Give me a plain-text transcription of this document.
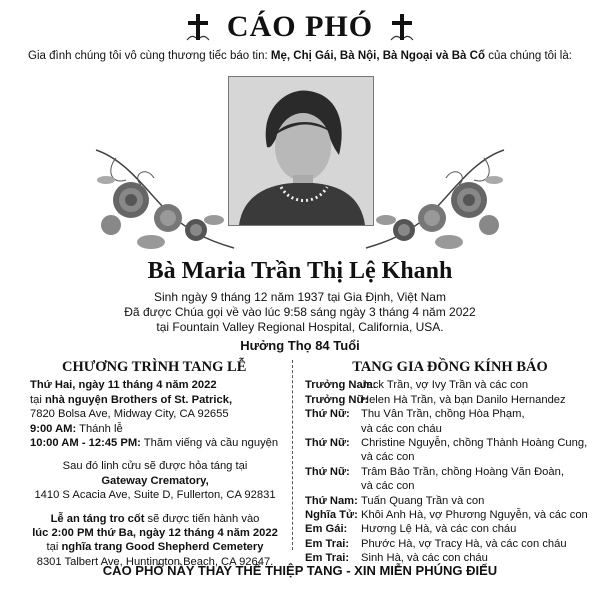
CÁO PHÓ
Gia đình chúng tôi vô cùng thương tiếc báo tin: Mẹ, Chị Gái, Bà Nội, Bà Ngoại và Bà Cố của chúng tôi là:
Bà Maria Trần Thị Lệ Khanh
Sinh ngày 9 tháng 12 năm 1937 tại Gia Định, Việt Nam
Đã được Chúa gọi về vào lúc 9:58 sáng ngày 3 tháng 4 năm 2022
tại Fountain Valley Regional Hospital, California, USA.
Hưởng Thọ 84 Tuổi
CHƯƠNG TRÌNH TANG LỄ
Thứ Hai, ngày 11 tháng 4 năm 2022
tại nhà nguyện Brothers of St. Patrick,
7820 Bolsa Ave, Midway City, CA 92655
9:00 AM: Thánh lễ
10:00 AM - 12:45 PM: Thăm viếng và cầu nguyện
Sau đó linh cửu sẽ được hỏa táng tại
Gateway Crematory,
1410 S Acacia Ave, Suite D, Fullerton, CA 92831
Lễ an táng tro cốt sẽ được tiến hành vào
lúc 2:00 PM thứ Ba, ngày 12 tháng 4 năm 2022
tại nghĩa trang Good Shepherd Cemetery
8301 Talbert Ave, Huntington Beach, CA 92647.
TANG GIA ĐỒNG KÍNH BÁO
Trưởng Nam:
Jack Trần, vợ Ivy Trần và các con
Trưởng Nữ:
Helen Hà Trần, và bạn Danilo Hernandez
Thứ Nữ:	Thu Vân Trần, chồng Hòa Phạm,
và các con cháu
Thứ Nữ:	Christine Nguyễn, chồng Thành Hoàng Cung,
và các con
Thứ Nữ:	Trâm Bảo Trần, chồng Hoàng Văn Đoàn,
và các con
Thứ Nam: Tuấn Quang Trần và con
Nghĩa Tử: Khôi Anh Hà, vợ Phương Nguyễn, và các con
Em Gái:	Hương Lệ Hà, và các con cháu
Em Trai:	Phước Hà, vợ Tracy Hà, và các con cháu
Em Trai:	Sinh Hà, và các con cháu
CÁO PHÓ NÀY THAY THẾ THIỆP TANG - XIN MIỄN PHÚNG ĐIẾU
